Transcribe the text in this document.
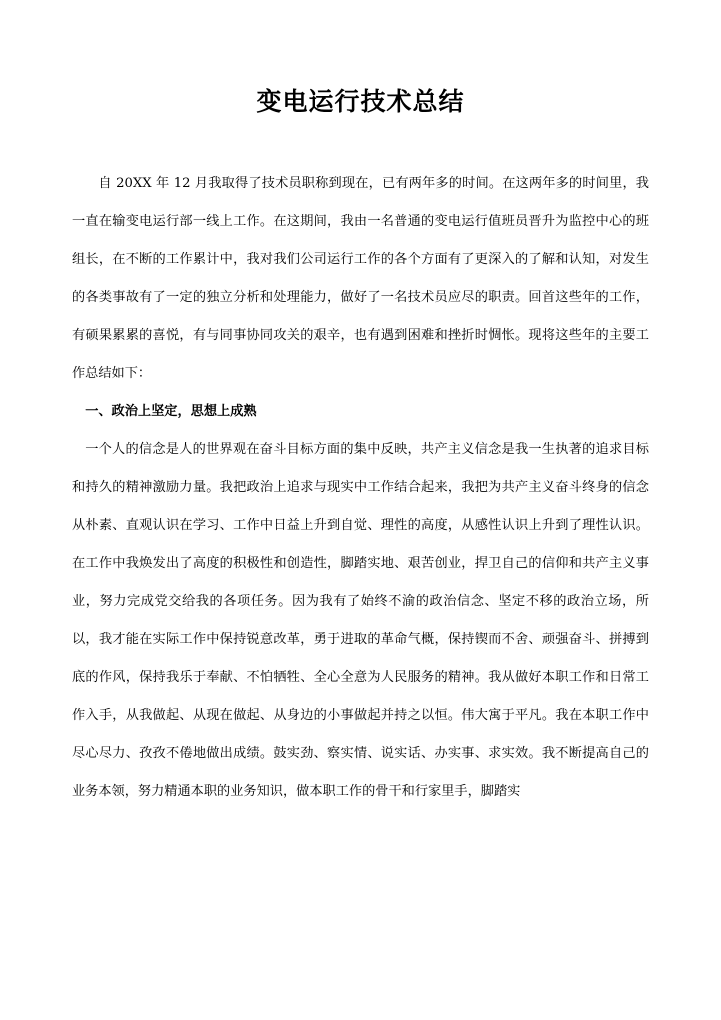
变电运行技术总结

自 20XX 年 12 月我取得了技术员职称到现在，已有两年多的时间。在这两年多的时间里，我一直在输变电运行部一线上工作。在这期间，我由一名普通的变电运行值班员晋升为监控中心的班组长，在不断的工作累计中，我对我们公司运行工作的各个方面有了更深入的了解和认知，对发生的各类事故有了一定的独立分析和处理能力，做好了一名技术员应尽的职责。回首这些年的工作，有硕果累累的喜悦，有与同事协同攻关的艰辛，也有遇到困难和挫折时惆怅。现将这些年的主要工作总结如下：

一、政治上坚定，思想上成熟

一个人的信念是人的世界观在奋斗目标方面的集中反映，共产主义信念是我一生执著的追求目标和持久的精神激励力量。我把政治上追求与现实中工作结合起来，我把为共产主义奋斗终身的信念从朴素、直观认识在学习、工作中日益上升到自觉、理性的高度，从感性认识上升到了理性认识。在工作中我焕发出了高度的积极性和创造性，脚踏实地、艰苦创业，捍卫自己的信仰和共产主义事业，努力完成党交给我的各项任务。因为我有了始终不渝的政治信念、坚定不移的政治立场，所以，我才能在实际工作中保持锐意改革，勇于进取的革命气概，保持锲而不舍、顽强奋斗、拼搏到底的作风，保持我乐于奉献、不怕牺牲、全心全意为人民服务的精神。我从做好本职工作和日常工作入手，从我做起、从现在做起、从身边的小事做起并持之以恒。伟大寓于平凡。我在本职工作中尽心尽力、孜孜不倦地做出成绩。鼓实劲、察实情、说实话、办实事、求实效。我不断提高自己的业务本领，努力精通本职的业务知识，做本职工作的骨干和行家里手，脚踏实
